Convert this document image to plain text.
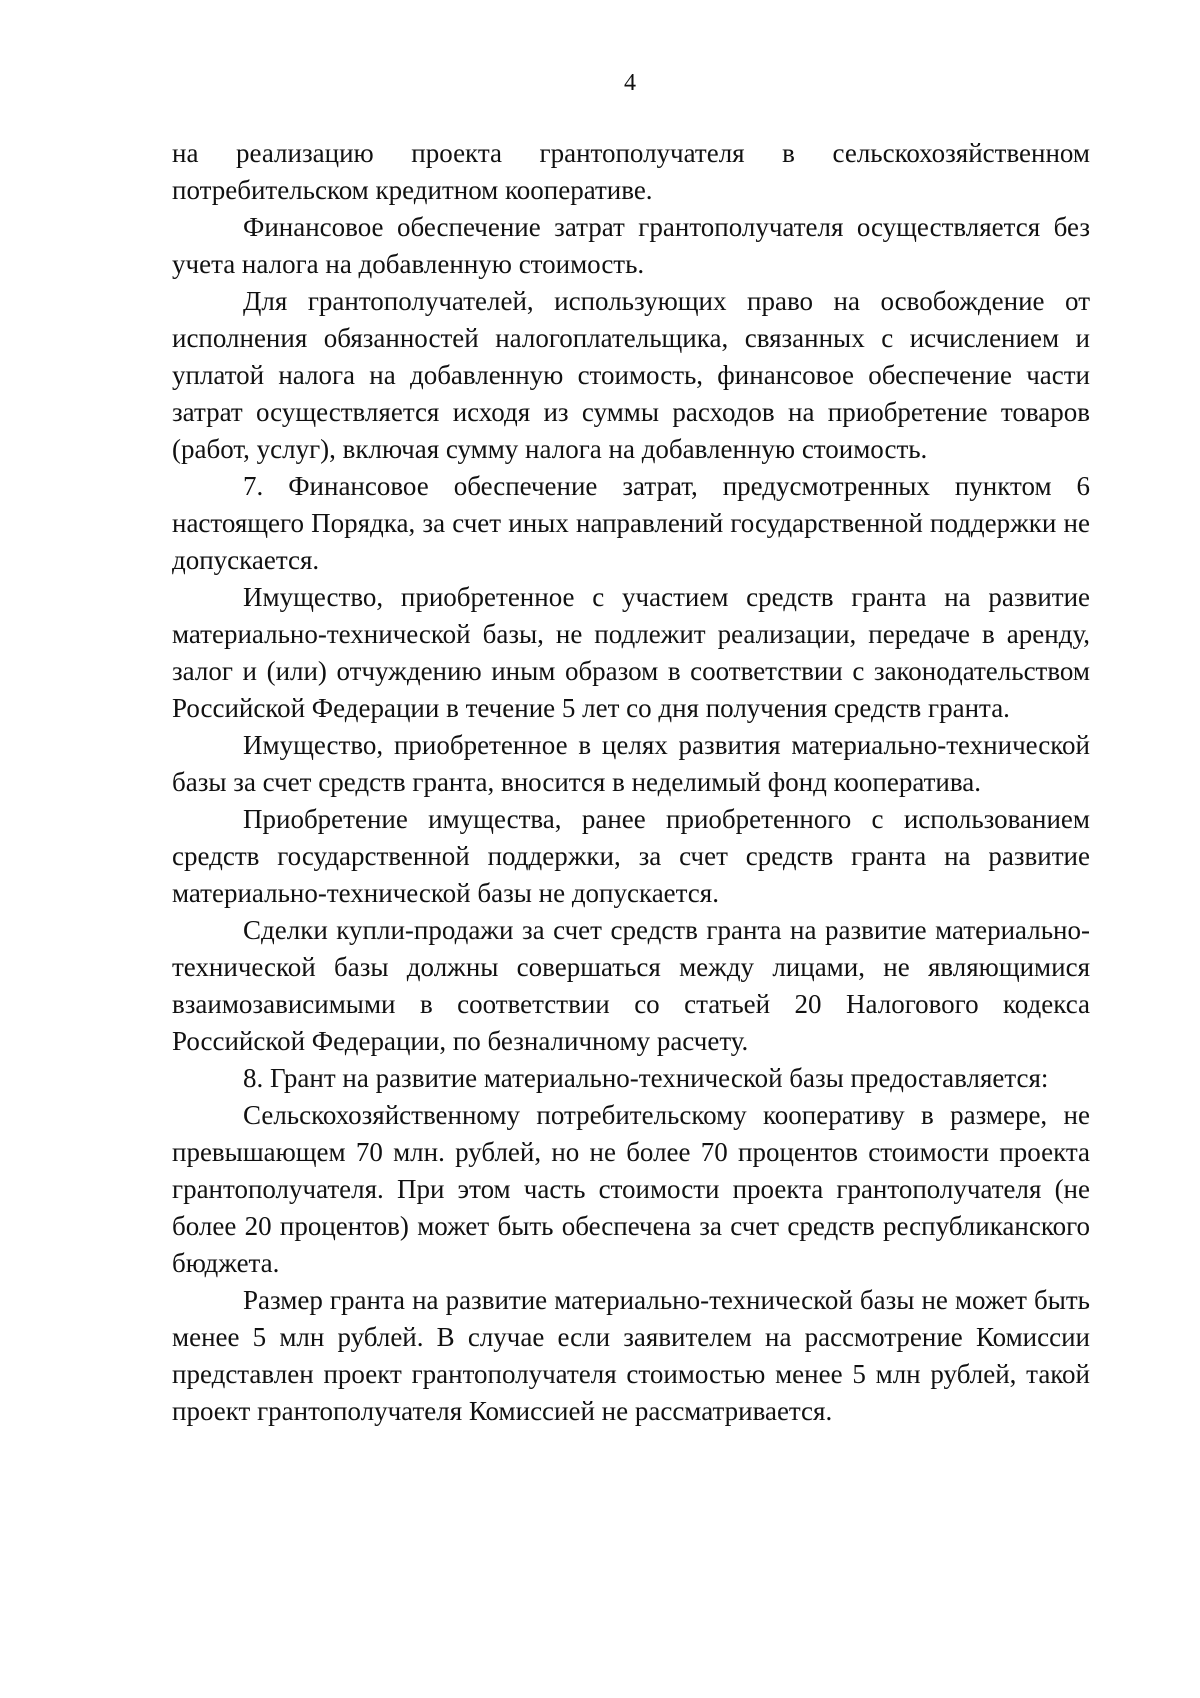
4

на реализацию проекта грантополучателя в сельскохозяйственном потребительском кредитном кооперативе.

Финансовое обеспечение затрат грантополучателя осуществляется без учета налога на добавленную стоимость.

Для грантополучателей, использующих право на освобождение от исполнения обязанностей налогоплательщика, связанных с исчислением и уплатой налога на добавленную стоимость, финансовое обеспечение части затрат осуществляется исходя из суммы расходов на приобретение товаров (работ, услуг), включая сумму налога на добавленную стоимость.

7. Финансовое обеспечение затрат, предусмотренных пунктом 6 настоящего Порядка, за счет иных направлений государственной поддержки не допускается.

Имущество, приобретенное с участием средств гранта на развитие материально-технической базы, не подлежит реализации, передаче в аренду, залог и (или) отчуждению иным образом в соответствии с законодательством Российской Федерации в течение 5 лет со дня получения средств гранта.

Имущество, приобретенное в целях развития материально-технической базы за счет средств гранта, вносится в неделимый фонд кооператива.

Приобретение имущества, ранее приобретенного с использованием средств государственной поддержки, за счет средств гранта на развитие материально-технической базы не допускается.

Сделки купли-продажи за счет средств гранта на развитие материально-технической базы должны совершаться между лицами, не являющимися взаимозависимыми в соответствии со статьей 20 Налогового кодекса Российской Федерации, по безналичному расчету.

8. Грант на развитие материально-технической базы предоставляется:

Сельскохозяйственному потребительскому кооперативу в размере, не превышающем 70 млн. рублей, но не более 70 процентов стоимости проекта грантополучателя. При этом часть стоимости проекта грантополучателя (не более 20 процентов) может быть обеспечена за счет средств республиканского бюджета.

Размер гранта на развитие материально-технической базы не может быть менее 5 млн рублей. В случае если заявителем на рассмотрение Комиссии представлен проект грантополучателя стоимостью менее 5 млн рублей, такой проект грантополучателя Комиссией не рассматривается.
